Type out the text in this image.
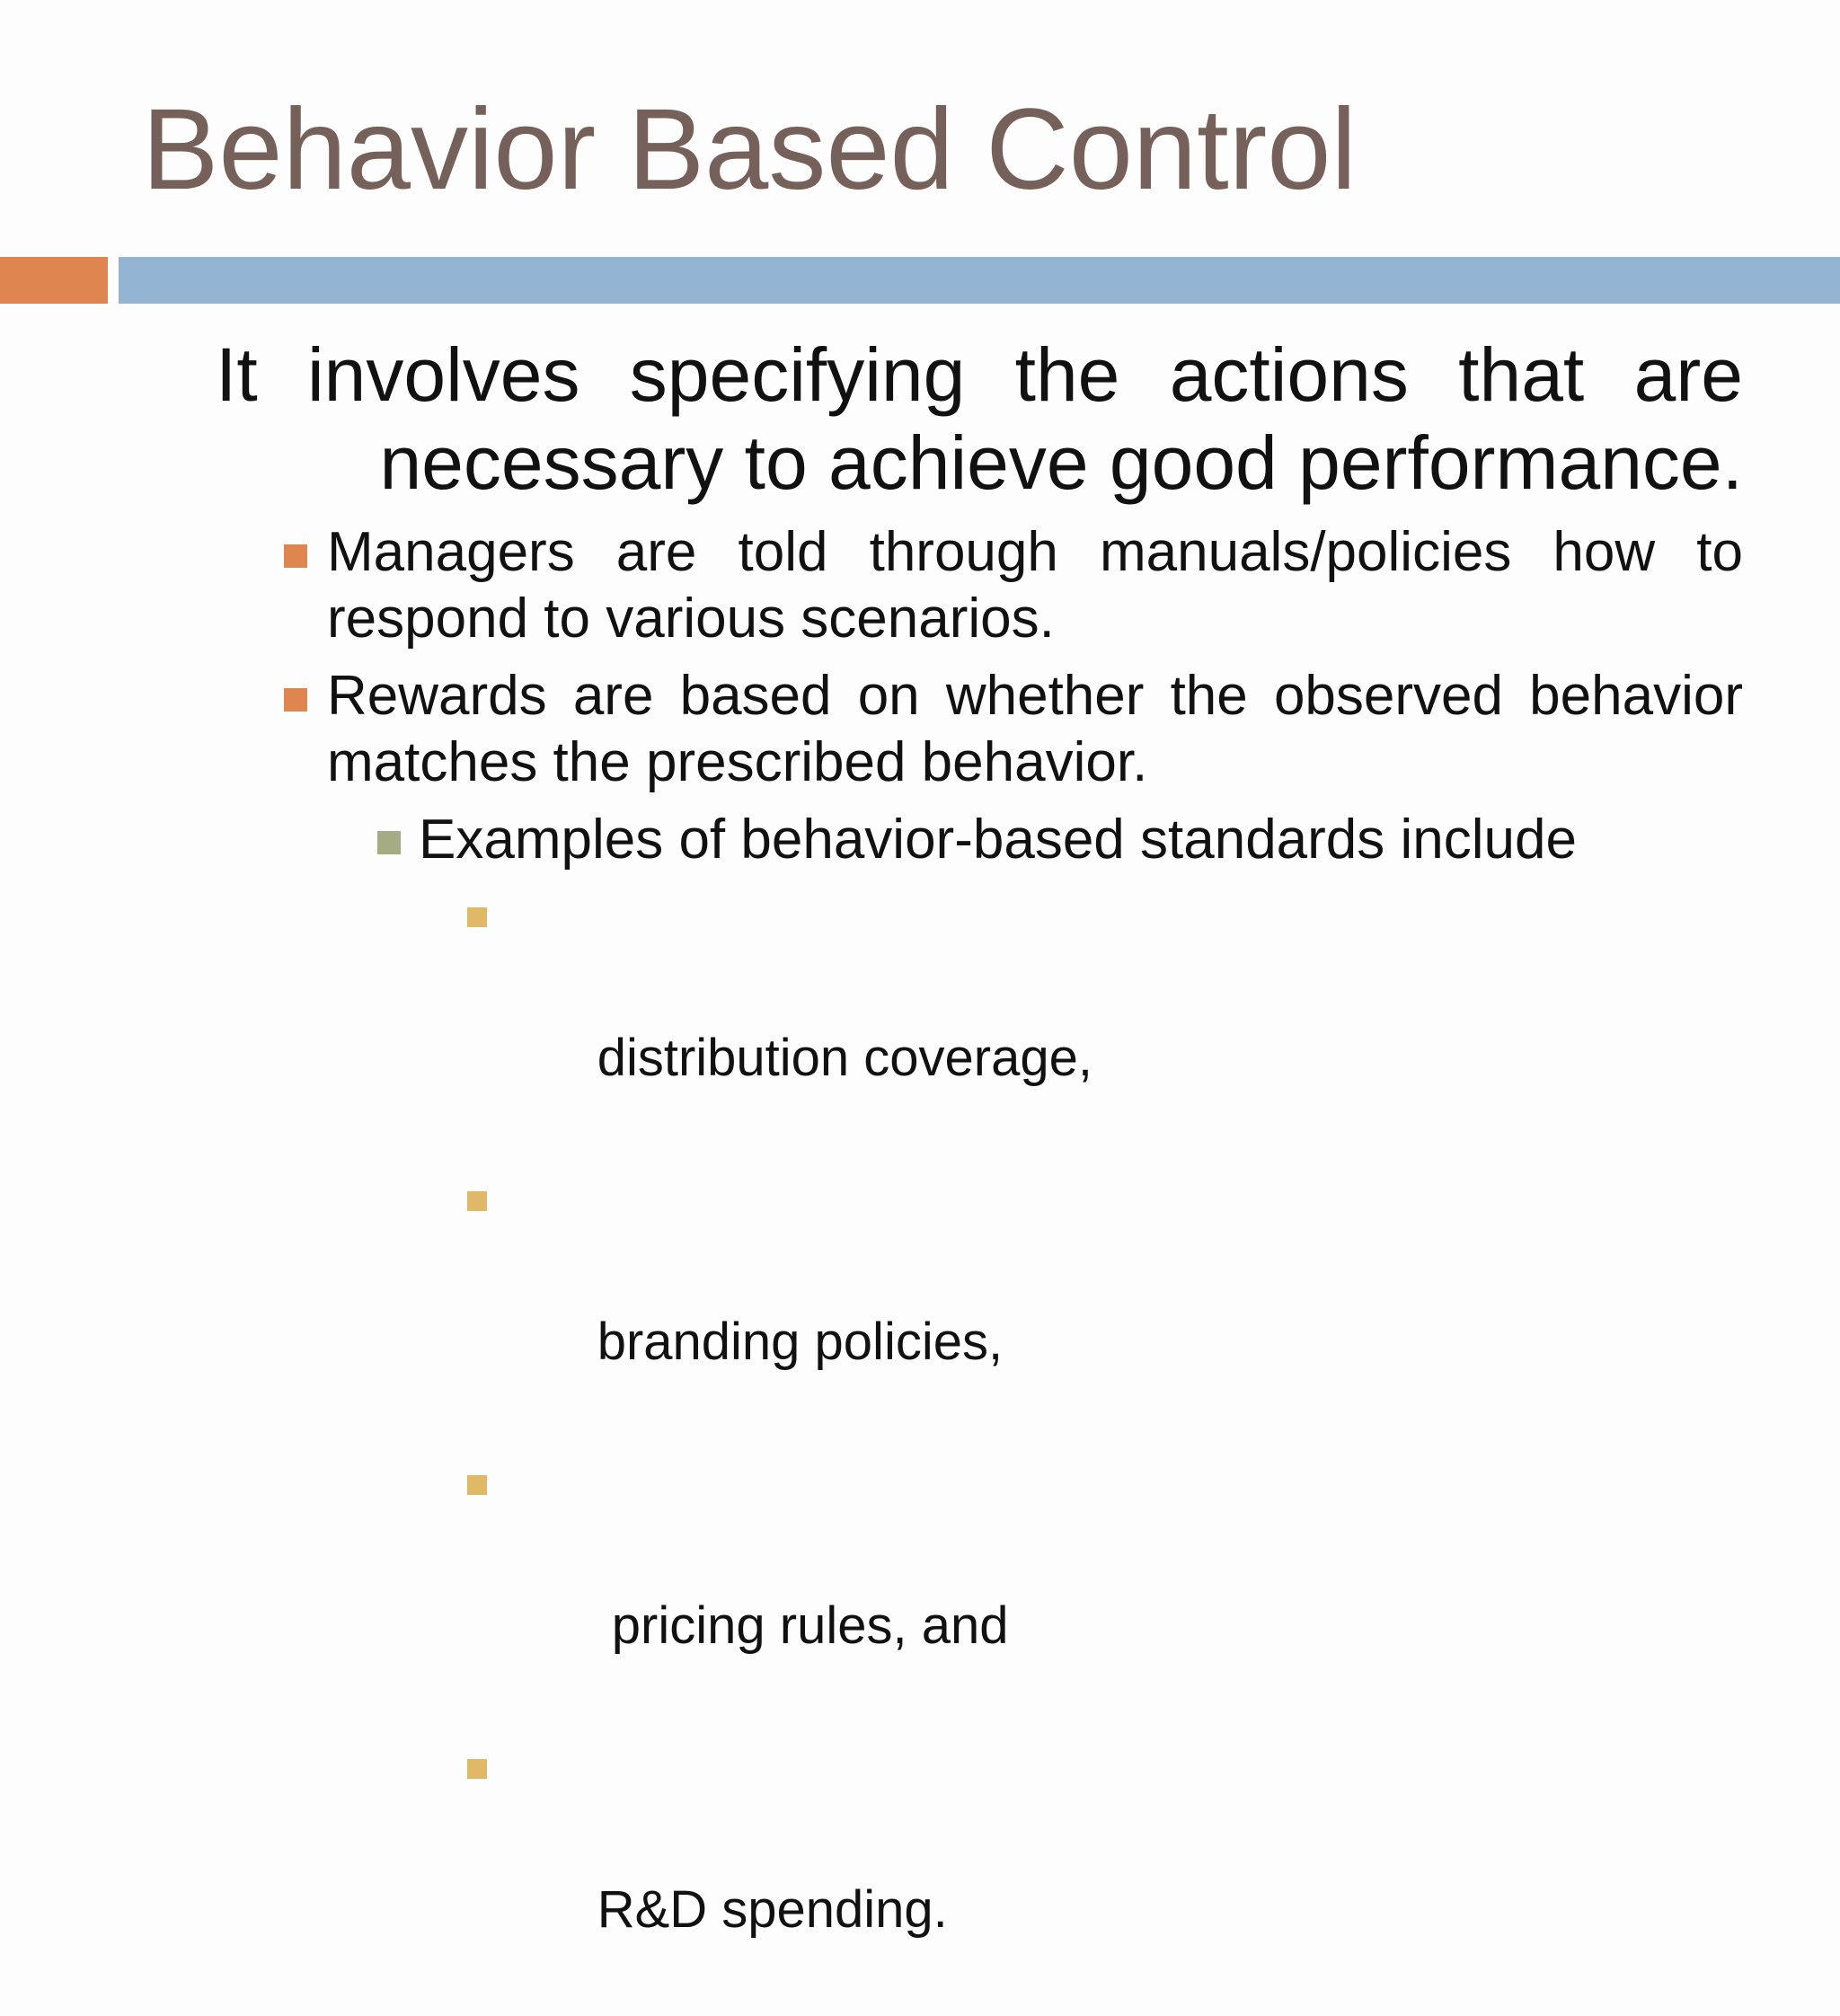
Behavior Based Control

It involves specifying the actions that are necessary to achieve good performance.

Managers are told through manuals/policies how to respond to various scenarios.
Rewards are based on whether the observed behavior matches the prescribed behavior.
Examples of behavior-based standards include

distribution coverage,

branding policies,

pricing rules, and

R&D spending.
